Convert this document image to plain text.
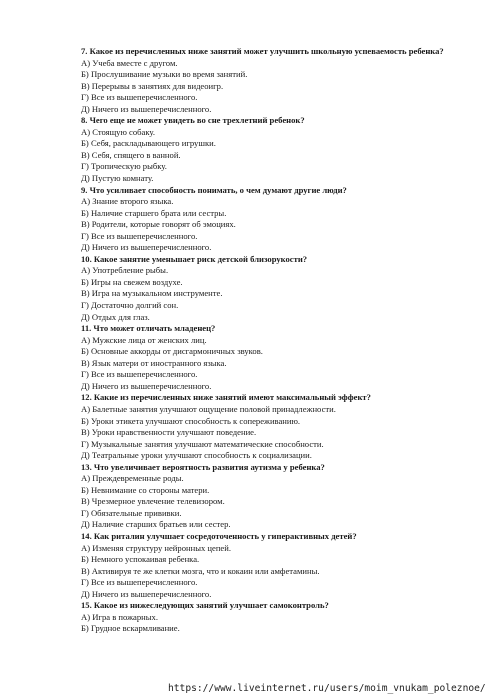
7. Какое из перечисленных ниже занятий может улучшить школьную успеваемость ребенка?
А) Учеба вместе с другом.
Б) Прослушивание музыки во время занятий.
В) Перерывы в занятиях для видеоигр.
Г) Все из вышеперечисленного.
Д) Ничего из вышеперечисленного.
8. Чего еще не может увидеть во сне трехлетний ребенок?
А) Стоящую собаку.
Б) Себя, раскладывающего игрушки.
В) Себя, спящего в ванной.
Г) Тропическую рыбку.
Д) Пустую комнату.
9. Что усиливает способность понимать, о чем думают другие люди?
А) Знание второго языка.
Б) Наличие старшего брата или сестры.
В) Родители, которые говорят об эмоциях.
Г) Все из вышеперечисленного.
Д) Ничего из вышеперечисленного.
10. Какое занятие уменьшает риск детской близорукости?
А) Употребление рыбы.
Б) Игры на свежем воздухе.
В) Игра на музыкальном инструменте.
Г) Достаточно долгий сон.
Д) Отдых для глаз.
11. Что может отличать младенец?
А) Мужские лица от женских лиц.
Б) Основные аккорды от дисгармоничных звуков.
В) Язык матери от иностранного языка.
Г) Все из вышеперечисленного.
Д) Ничего из вышеперечисленного.
12. Какие из перечисленных ниже занятий имеют максимальный эффект?
А) Балетные занятия улучшают ощущение половой принадлежности.
Б) Уроки этикета улучшают способность к сопереживанию.
В) Уроки нравственности улучшают поведение.
Г) Музыкальные занятия улучшают математические способности.
Д) Театральные уроки улучшают способность к социализации.
13. Что увеличивает вероятность развития аутизма у ребенка?
А) Преждевременные роды.
Б) Невнимание со стороны матери.
В) Чрезмерное увлечение телевизором.
Г) Обязательные прививки.
Д) Наличие старших братьев или сестер.
14. Как риталин улучшает сосредоточенность у гиперактивных детей?
А) Изменяя структуру нейронных цепей.
Б) Немного успокаивая ребенка.
В) Активируя те же клетки мозга, что и кокаин или амфетамины.
Г) Все из вышеперечисленного.
Д) Ничего из вышеперечисленного.
15. Какое из нижеследующих занятий улучшает самоконтроль?
А) Игра в пожарных.
Б) Грудное вскармливание.
https://www.liveinternet.ru/users/moim_vnukam_poleznoe/
